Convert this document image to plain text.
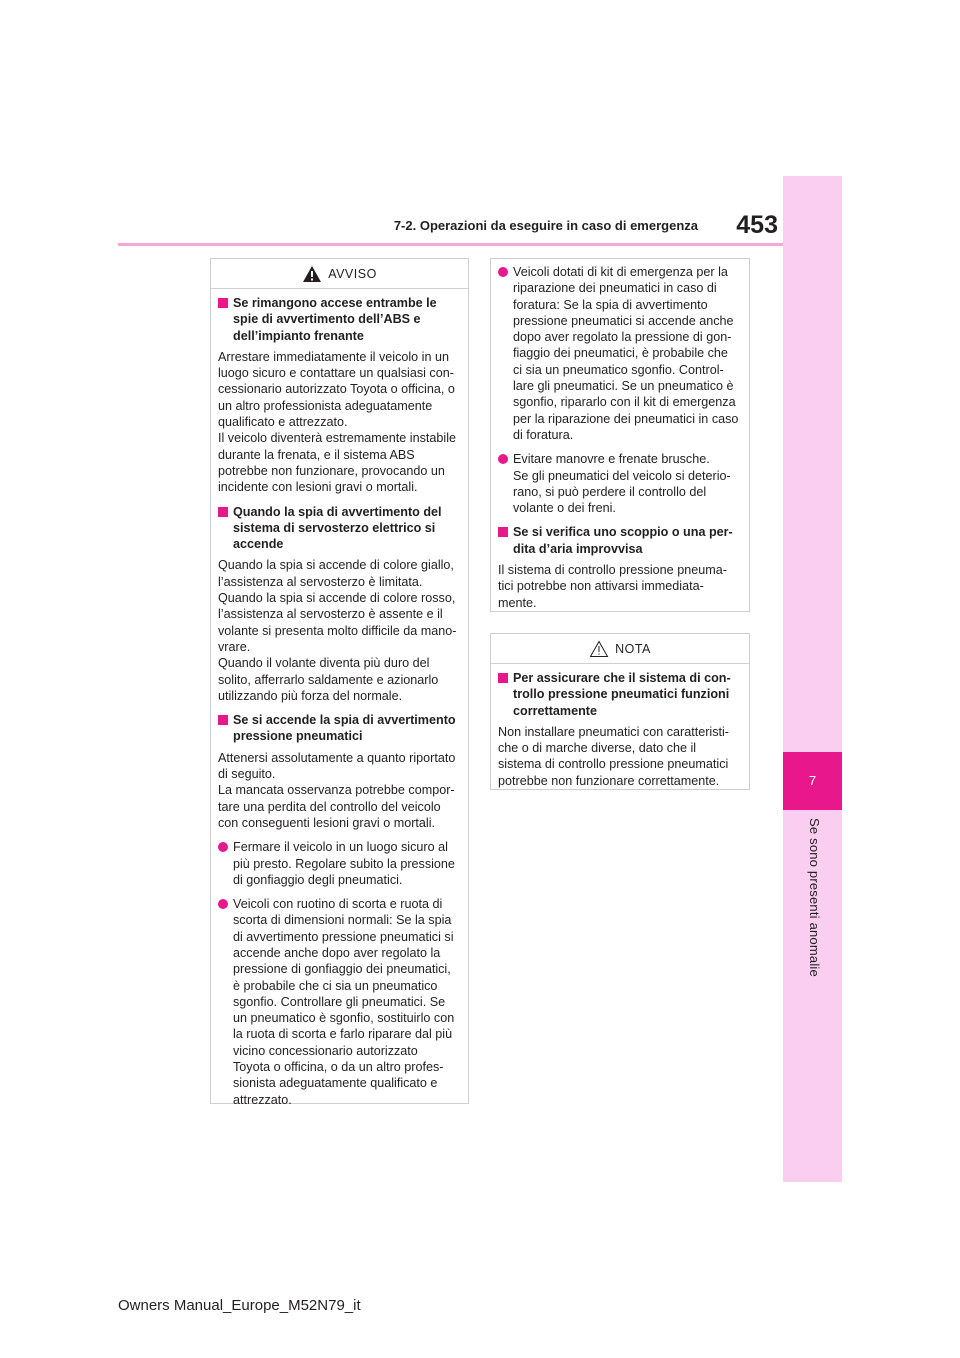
7
Se sono presenti anomalie
7-2. Operazioni da eseguire in caso di emergenza	453
AVVISO
Se rimangono accese entrambe le
spie di avvertimento dell’ABS e
dell’impianto frenante
Arrestare immediatamente il veicolo in un
luogo sicuro e contattare un qualsiasi con-
cessionario autorizzato Toyota o officina, o
un altro professionista adeguatamente
qualificato e attrezzato.
Il veicolo diventerà estremamente instabile
durante la frenata, e il sistema ABS
potrebbe non funzionare, provocando un
incidente con lesioni gravi o mortali.
Quando la spia di avvertimento del
sistema di servosterzo elettrico si
accende
Quando la spia si accende di colore giallo,
l’assistenza al servosterzo è limitata.
Quando la spia si accende di colore rosso,
l’assistenza al servosterzo è assente e il
volante si presenta molto difficile da mano-
vrare.
Quando il volante diventa più duro del
solito, afferrarlo saldamente e azionarlo
utilizzando più forza del normale.
Se si accende la spia di avvertimento
pressione pneumatici
Attenersi assolutamente a quanto riportato
di seguito.
La mancata osservanza potrebbe compor-
tare una perdita del controllo del veicolo
con conseguenti lesioni gravi o mortali.
Fermare il veicolo in un luogo sicuro al
più presto. Regolare subito la pressione
di gonfiaggio degli pneumatici.
Veicoli con ruotino di scorta e ruota di
scorta di dimensioni normali: Se la spia
di avvertimento pressione pneumatici si
accende anche dopo aver regolato la
pressione di gonfiaggio dei pneumatici,
è probabile che ci sia un pneumatico
sgonfio. Controllare gli pneumatici. Se
un pneumatico è sgonfio, sostituirlo con
la ruota di scorta e farlo riparare dal più
vicino concessionario autorizzato
Toyota o officina, o da un altro profes-
sionista adeguatamente qualificato e
attrezzato.
Veicoli dotati di kit di emergenza per la
riparazione dei pneumatici in caso di
foratura: Se la spia di avvertimento
pressione pneumatici si accende anche
dopo aver regolato la pressione di gon-
fiaggio dei pneumatici, è probabile che
ci sia un pneumatico sgonfio. Control-
lare gli pneumatici. Se un pneumatico è
sgonfio, ripararlo con il kit di emergenza
per la riparazione dei pneumatici in caso
di foratura.
Evitare manovre e frenate brusche.
Se gli pneumatici del veicolo si deterio-
rano, si può perdere il controllo del
volante o dei freni.
Se si verifica uno scoppio o una per-
dita d’aria improvvisa
Il sistema di controllo pressione pneuma-
tici potrebbe non attivarsi immediata-
mente.
NOTA
Per assicurare che il sistema di con-
trollo pressione pneumatici funzioni
correttamente
Non installare pneumatici con caratteristi-
che o di marche diverse, dato che il
sistema di controllo pressione pneumatici
potrebbe non funzionare correttamente.
Owners Manual_Europe_M52N79_it
